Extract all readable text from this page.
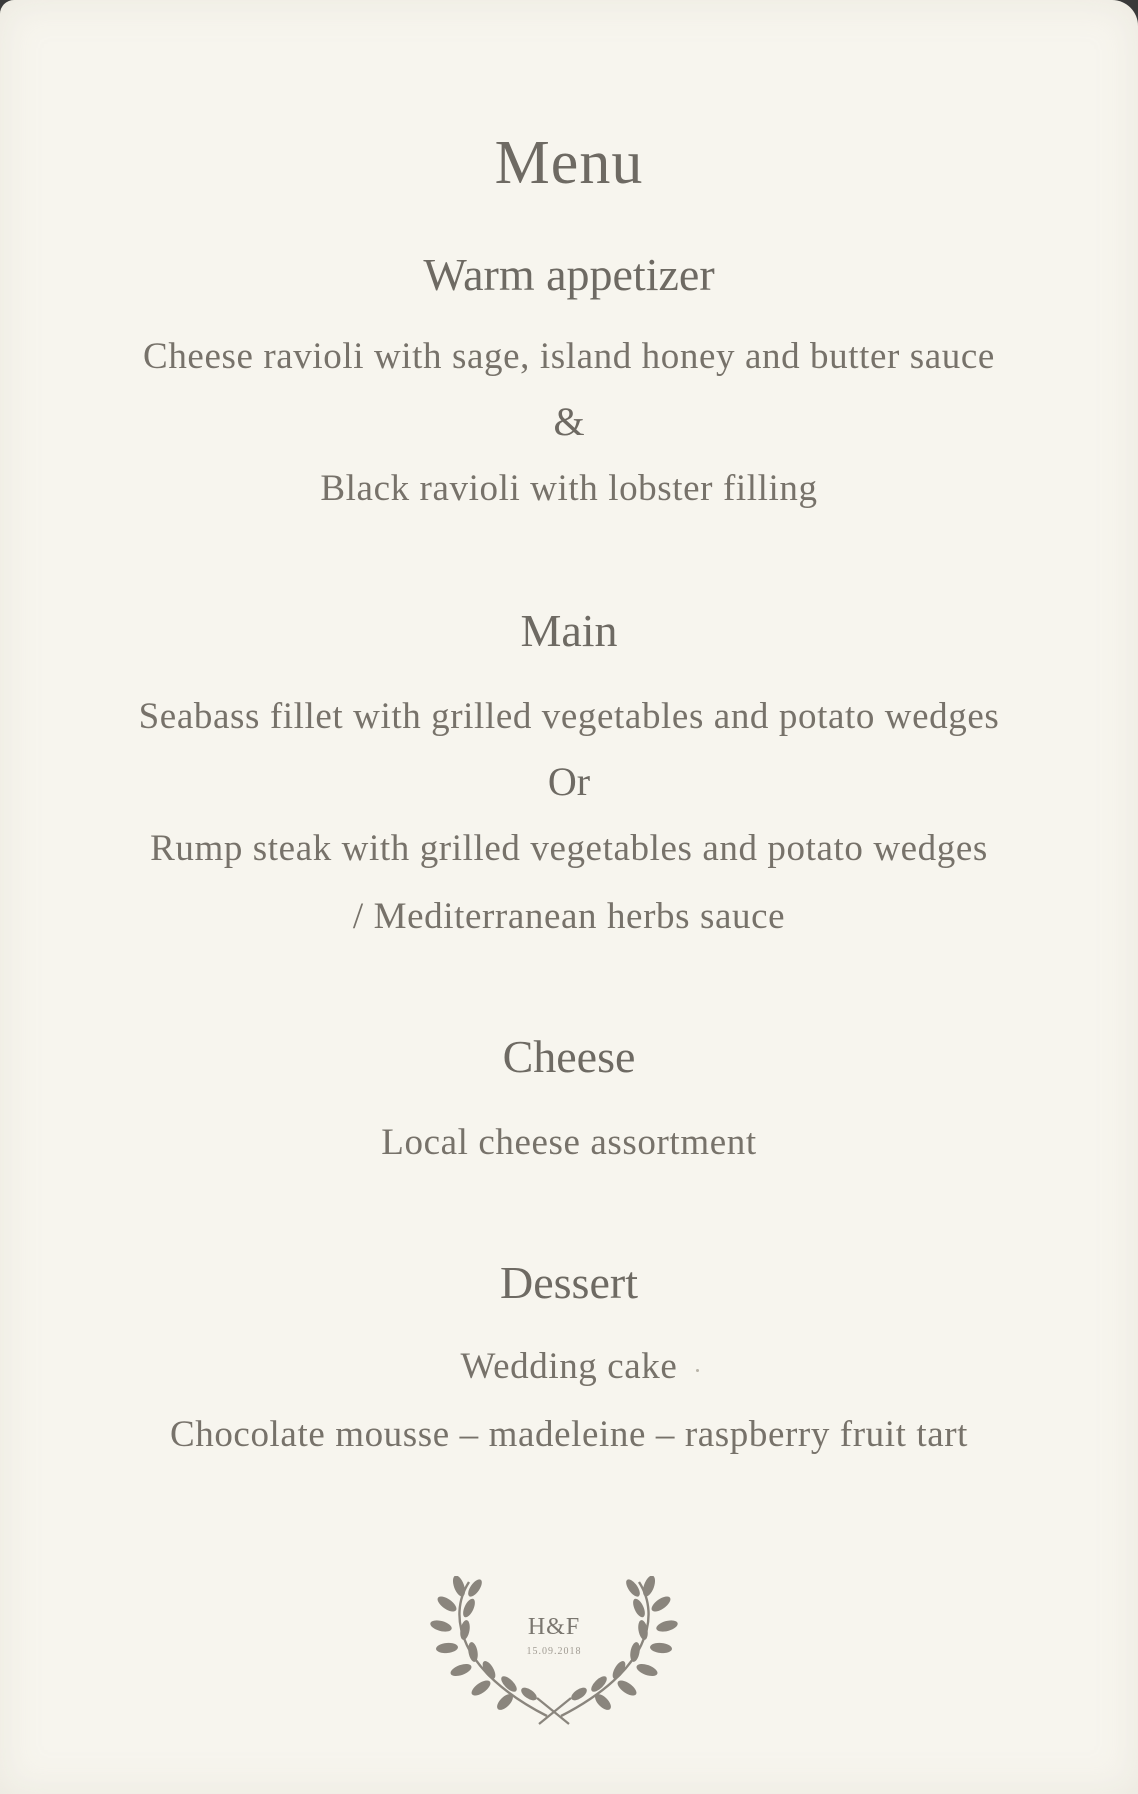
Menu
Warm appetizer
Cheese ravioli with sage, island honey and butter sauce
&
Black ravioli with lobster filling
Main
Seabass fillet with grilled vegetables and potato wedges
Or
Rump steak with grilled vegetables and potato wedges
/ Mediterranean herbs sauce
Cheese
Local cheese assortment
Dessert
Wedding cake
Chocolate mousse – madeleine – raspberry fruit tart
H&F
15.09.2018
